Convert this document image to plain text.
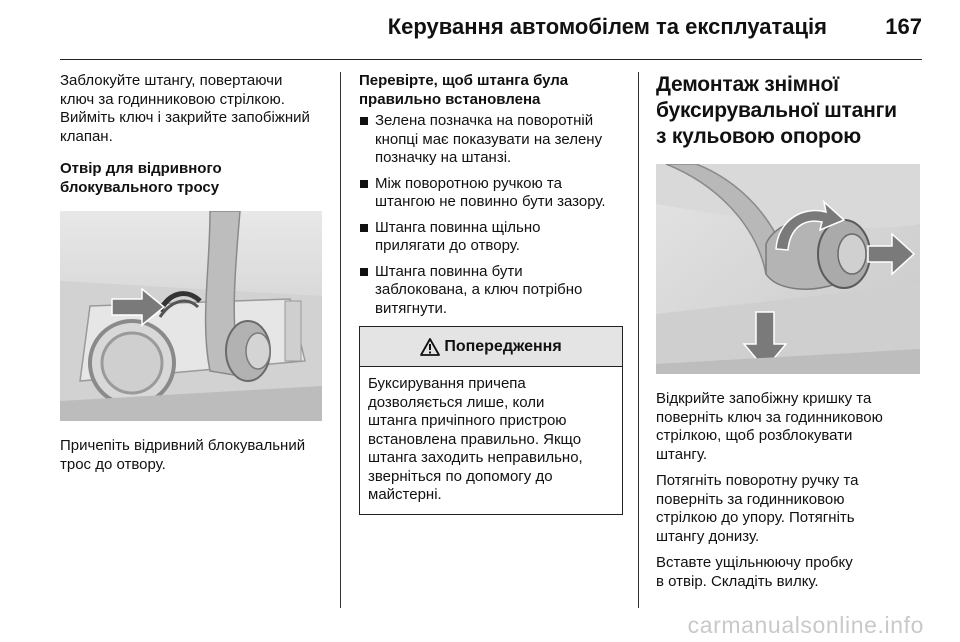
Керування автомобілем та експлуатація	167
Заблокуйте штангу, повертаючи
ключ за годинниковою стрілкою.
Вийміть ключ і закрийте запобіжний
клапан.
Отвір для відривного
блокувального тросу
Причепіть відривний блокувальний
трос до отвору.
Перевірте, щоб штанга була
правильно встановлена
Зелена позначка на поворотній
кнопці має показувати на зелену
позначку на штанзі.
Між поворотною ручкою та
штангою не повинно бути зазору.
Штанга повинна щільно
прилягати до отвору.
Штанга повинна бути
заблокована, а ключ потрібно
витягнути.
Попередження
Буксирування причепа
дозволяється лише, коли
штанга причіпного пристрою
встановлена правильно. Якщо
штанга заходить неправильно,
зверніться по допомогу до
майстерні.
Демонтаж знімної
буксирувальної штанги
з кульовою опорою
Відкрийте запобіжну кришку та
поверніть ключ за годинниковою
стрілкою, щоб розблокувати
штангу.
Потягніть поворотну ручку та
поверніть за годинниковою
стрілкою до упору. Потягніть
штангу донизу.
Вставте ущільнюючу пробку
в отвір. Складіть вилку.
carmanualsonline.info
